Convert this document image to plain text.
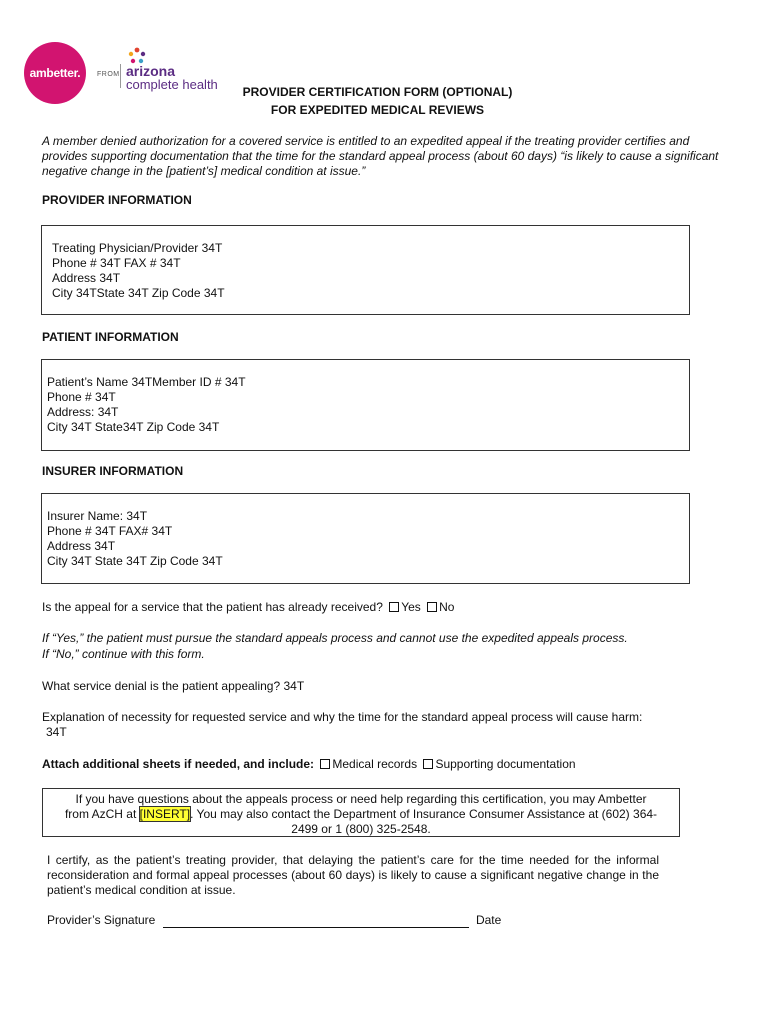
ambetter. FROM arizona
complete health	PROVIDER CERTIFICATION FORM (OPTIONAL)
FOR EXPEDITED MEDICAL REVIEWS
A member denied authorization for a covered service is entitled to an expedited appeal if the treating provider certifies and provides supporting documentation that the time for the standard appeal process (about 60 days) “is likely to cause a significant negative change in the [patient’s] medical condition at issue.”
PROVIDER INFORMATION

Treating Physician/Provider 34T

Phone # 34T FAX # 34T

Address 34T

City 34TState 34T Zip Code 34T

PATIENT INFORMATION

Patient’s Name 34TMember ID # 34T

Phone # 34T

Address: 34T

City 34T State34T Zip Code 34T

INSURER INFORMATION

Insurer Name: 34T

Phone # 34T FAX# 34T

Address 34T

City 34T State 34T Zip Code 34T

Is the appeal for a service that the patient has already received? Yes No
If “Yes,” the patient must pursue the standard appeals process and cannot use the expedited appeals process.
If “No,” continue with this form.
What service denial is the patient appealing? 34T
Explanation of necessity for requested service and why the time for the standard appeal process will cause harm:
34T
Attach additional sheets if needed, and include: Medical records Supporting documentation
If you have questions about the appeals process or need help regarding this certification, you may Ambetter
from AzCH at [INSERT]. You may also contact the Department of Insurance Consumer Assistance at (602) 364-
2499 or 1 (800) 325-2548.
I certify, as the patient’s treating provider, that delaying the patient’s care for the time needed for the informal reconsideration and formal appeal processes (about 60 days) is likely to cause a significant negative change in the patient’s medical condition at issue.
Provider’s Signature	Date
